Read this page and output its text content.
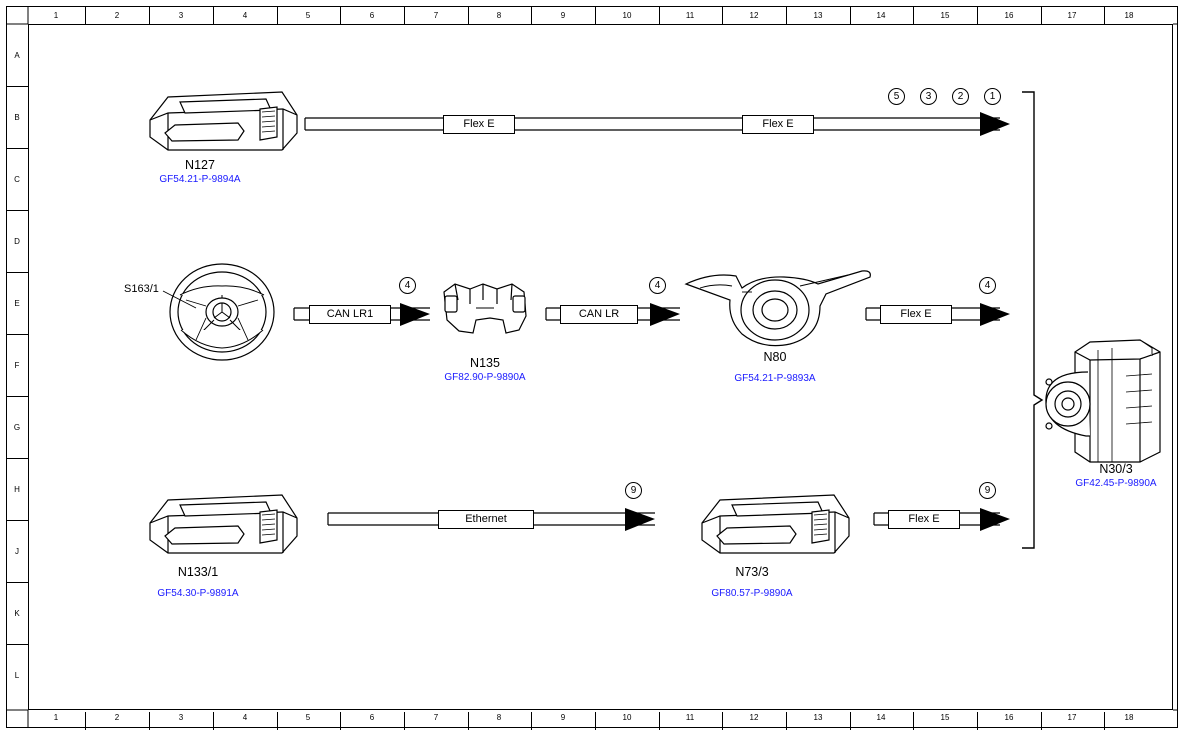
1	2	3	4	5	6	7	8	9	10	11	12	13	14	15	16	17	18
1	2	3	4	5	6	7	8	9	10	11	12	13	14	15	16	17	18
A
B
C
D
E
F
G
H
J
K
L
Flex E	Flex E
CAN LR1	CAN LR	Flex E
Ethernet	Flex E
5	3	2	1
4	4	4
9	9
N127
GF54.21-P-9894A
S163/1
N135
GF82.90-P-9890A
N80
GF54.21-P-9893A
N30/3
GF42.45-P-9890A
N133/1
GF54.30-P-9891A
N73/3
GF80.57-P-9890A
